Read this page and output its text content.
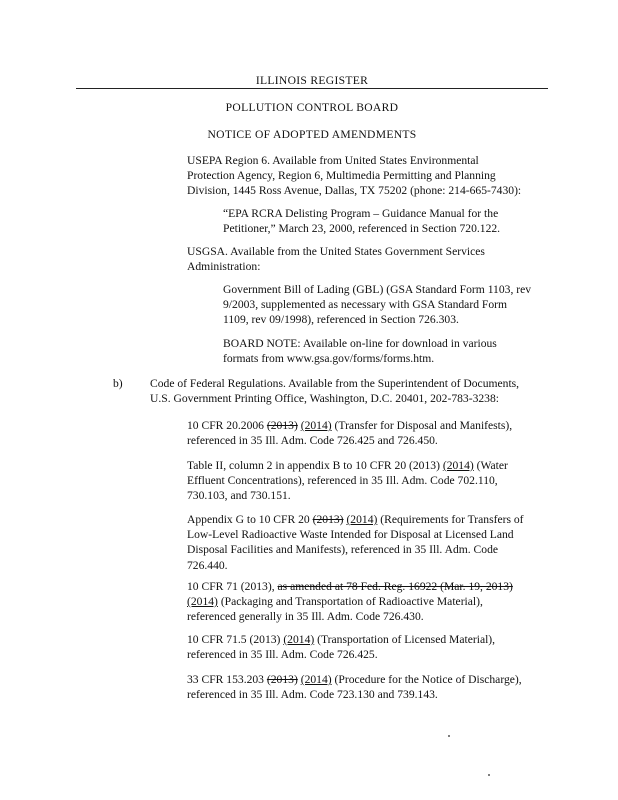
ILLINOIS REGISTER
POLLUTION CONTROL BOARD
NOTICE OF ADOPTED AMENDMENTS

USEPA Region 6. Available from United States Environmental

Protection Agency, Region 6, Multimedia Permitting and Planning

Division, 1445 Ross Avenue, Dallas, TX 75202 (phone: 214-665-7430):

“EPA RCRA Delisting Program – Guidance Manual for the

Petitioner,” March 23, 2000, referenced in Section 720.122.

USGSA. Available from the United States Government Services

Administration:

Government Bill of Lading (GBL) (GSA Standard Form 1103, rev

9/2003, supplemented as necessary with GSA Standard Form

1109, rev 09/1998), referenced in Section 726.303.

BOARD NOTE: Available on-line for download in various

formats from www.gsa.gov/forms/forms.htm.

b) Code of Federal Regulations. Available from the Superintendent of Documents,

U.S. Government Printing Office, Washington, D.C. 20401, 202-783-3238:

10 CFR 20.2006 (2013) (2014) (Transfer for Disposal and Manifests),

referenced in 35 Ill. Adm. Code 726.425 and 726.450.

Table II, column 2 in appendix B to 10 CFR 20 (2013) (2014) (Water

Effluent Concentrations), referenced in 35 Ill. Adm. Code 702.110,

730.103, and 730.151.

Appendix G to 10 CFR 20 (2013) (2014) (Requirements for Transfers of

Low-Level Radioactive Waste Intended for Disposal at Licensed Land

Disposal Facilities and Manifests), referenced in 35 Ill. Adm. Code

726.440.

10 CFR 71 (2013), as amended at 78 Fed. Reg. 16922 (Mar. 19, 2013)

(2014) (Packaging and Transportation of Radioactive Material),

referenced generally in 35 Ill. Adm. Code 726.430.

10 CFR 71.5 (2013) (2014) (Transportation of Licensed Material),

referenced in 35 Ill. Adm. Code 726.425.

33 CFR 153.203 (2013) (2014) (Procedure for the Notice of Discharge),

referenced in 35 Ill. Adm. Code 723.130 and 739.143.
